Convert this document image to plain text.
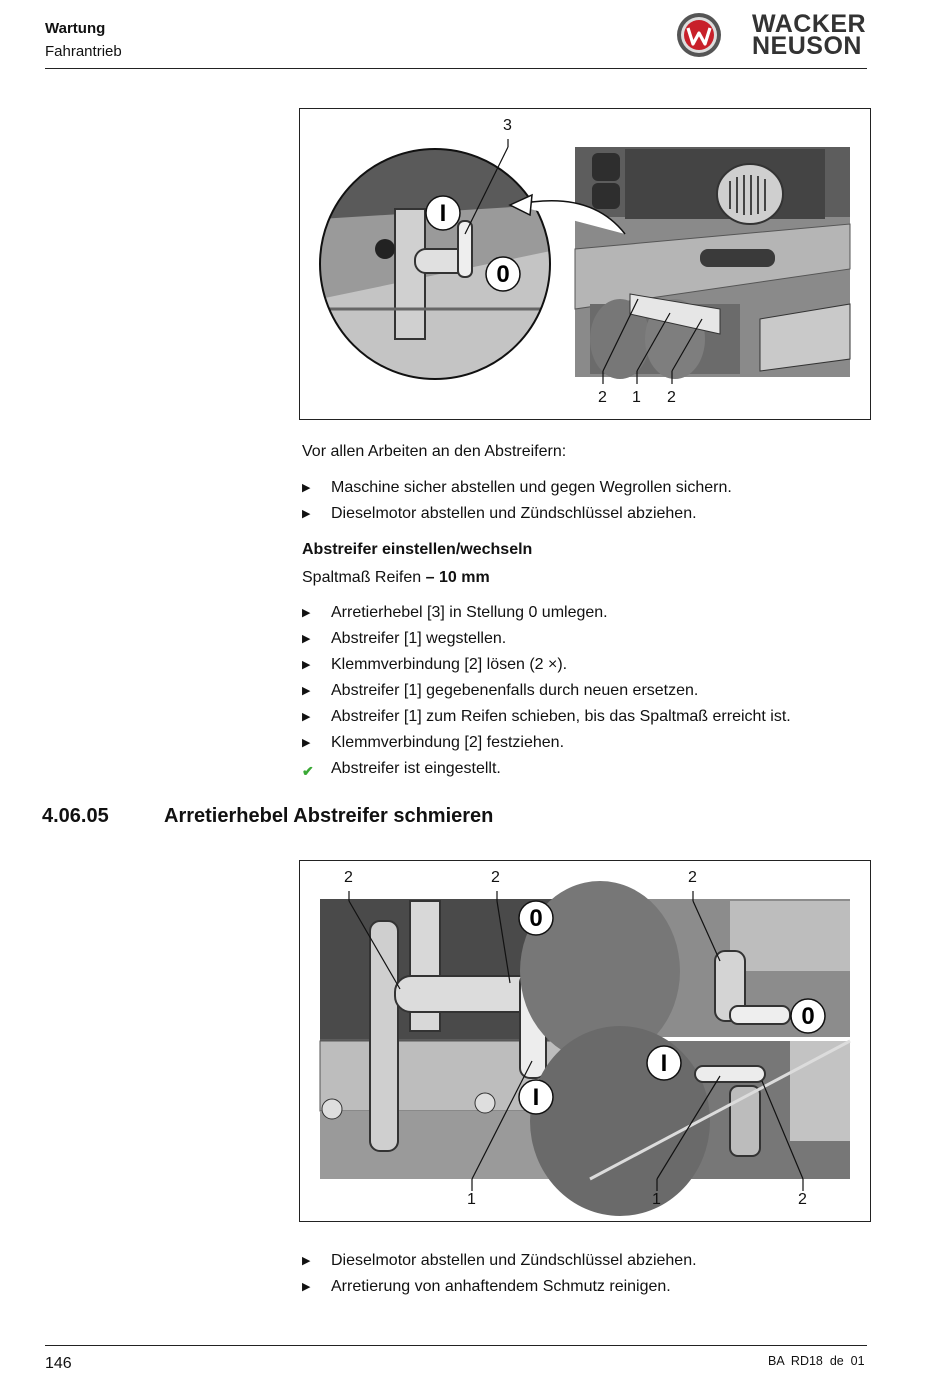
Wartung
Fahrantrieb
WACKER
NEUSON
I
0
3
2 1 2
Vor allen Arbeiten an den Abstreifern:
▶ Maschine sicher abstellen und gegen Wegrollen sichern.
▶ Dieselmotor abstellen und Zündschlüssel abziehen.
Abstreifer einstellen/wechseln
Spaltmaß Reifen – 10 mm
▶ Arretierhebel [3] in Stellung 0 umlegen.
▶ Abstreifer [1] wegstellen.
▶ Klemmverbindung [2] lösen (2 ×).
▶ Abstreifer [1] gegebenenfalls durch neuen ersetzen.
▶ Abstreifer [1] zum Reifen schieben, bis das Spaltmaß erreicht ist.
▶ Klemmverbindung [2] festziehen.
✔ Abstreifer ist eingestellt.
4.06.05	Arretierhebel Abstreifer schmieren
0
I
0
I
2	2
1
2
1	2
▶ Dieselmotor abstellen und Zündschlüssel abziehen.
▶ Arretierung von anhaftendem Schmutz reinigen.
146	BA  RD18  de  01
